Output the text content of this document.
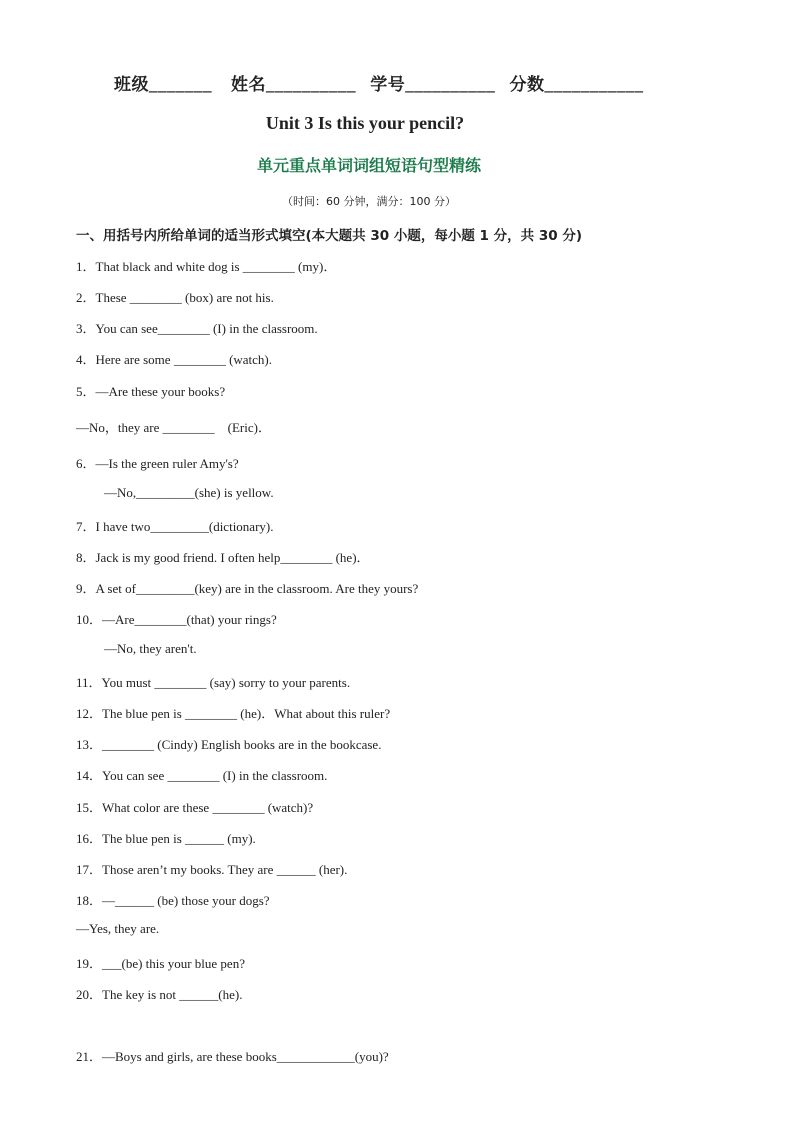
班级_______    姓名__________   学号__________   分数___________
Unit 3 Is this your pencil?
单元重点单词词组短语句型精练
（时间：60 分钟，满分：100 分）
一、用括号内所给单词的适当形式填空(本大题共 30 小题，每小题 1 分，共 30 分)
1．That black and white dog is ________ (my)．
2．These ________ (box) are not his.
3．You can see________ (I) in the classroom.
4．Here are some ________ (watch).
5．—Are these your books?
—No，they are ________    (Eric)．
6．—Is the green ruler Amy's?
—No,_________(she) is yellow.
7．I have two_________(dictionary).
8．Jack is my good friend. I often help________ (he)．
9．A set of_________(key) are in the classroom. Are they yours?
10．—Are________(that) your rings?
—No, they aren't.
11．You must ________ (say) sorry to your parents.
12．The blue pen is ________ (he)．What about this ruler?
13．________ (Cindy) English books are in the bookcase.
14．You can see ________ (I) in the classroom.
15．What color are these ________ (watch)?
16．The blue pen is ______ (my).
17．Those aren’t my books. They are ______ (her).
18．—______ (be) those your dogs?
—Yes, they are.
19．___(be) this your blue pen?
20．The key is not ______(he).
21．—Boys and girls, are these books____________(you)?
